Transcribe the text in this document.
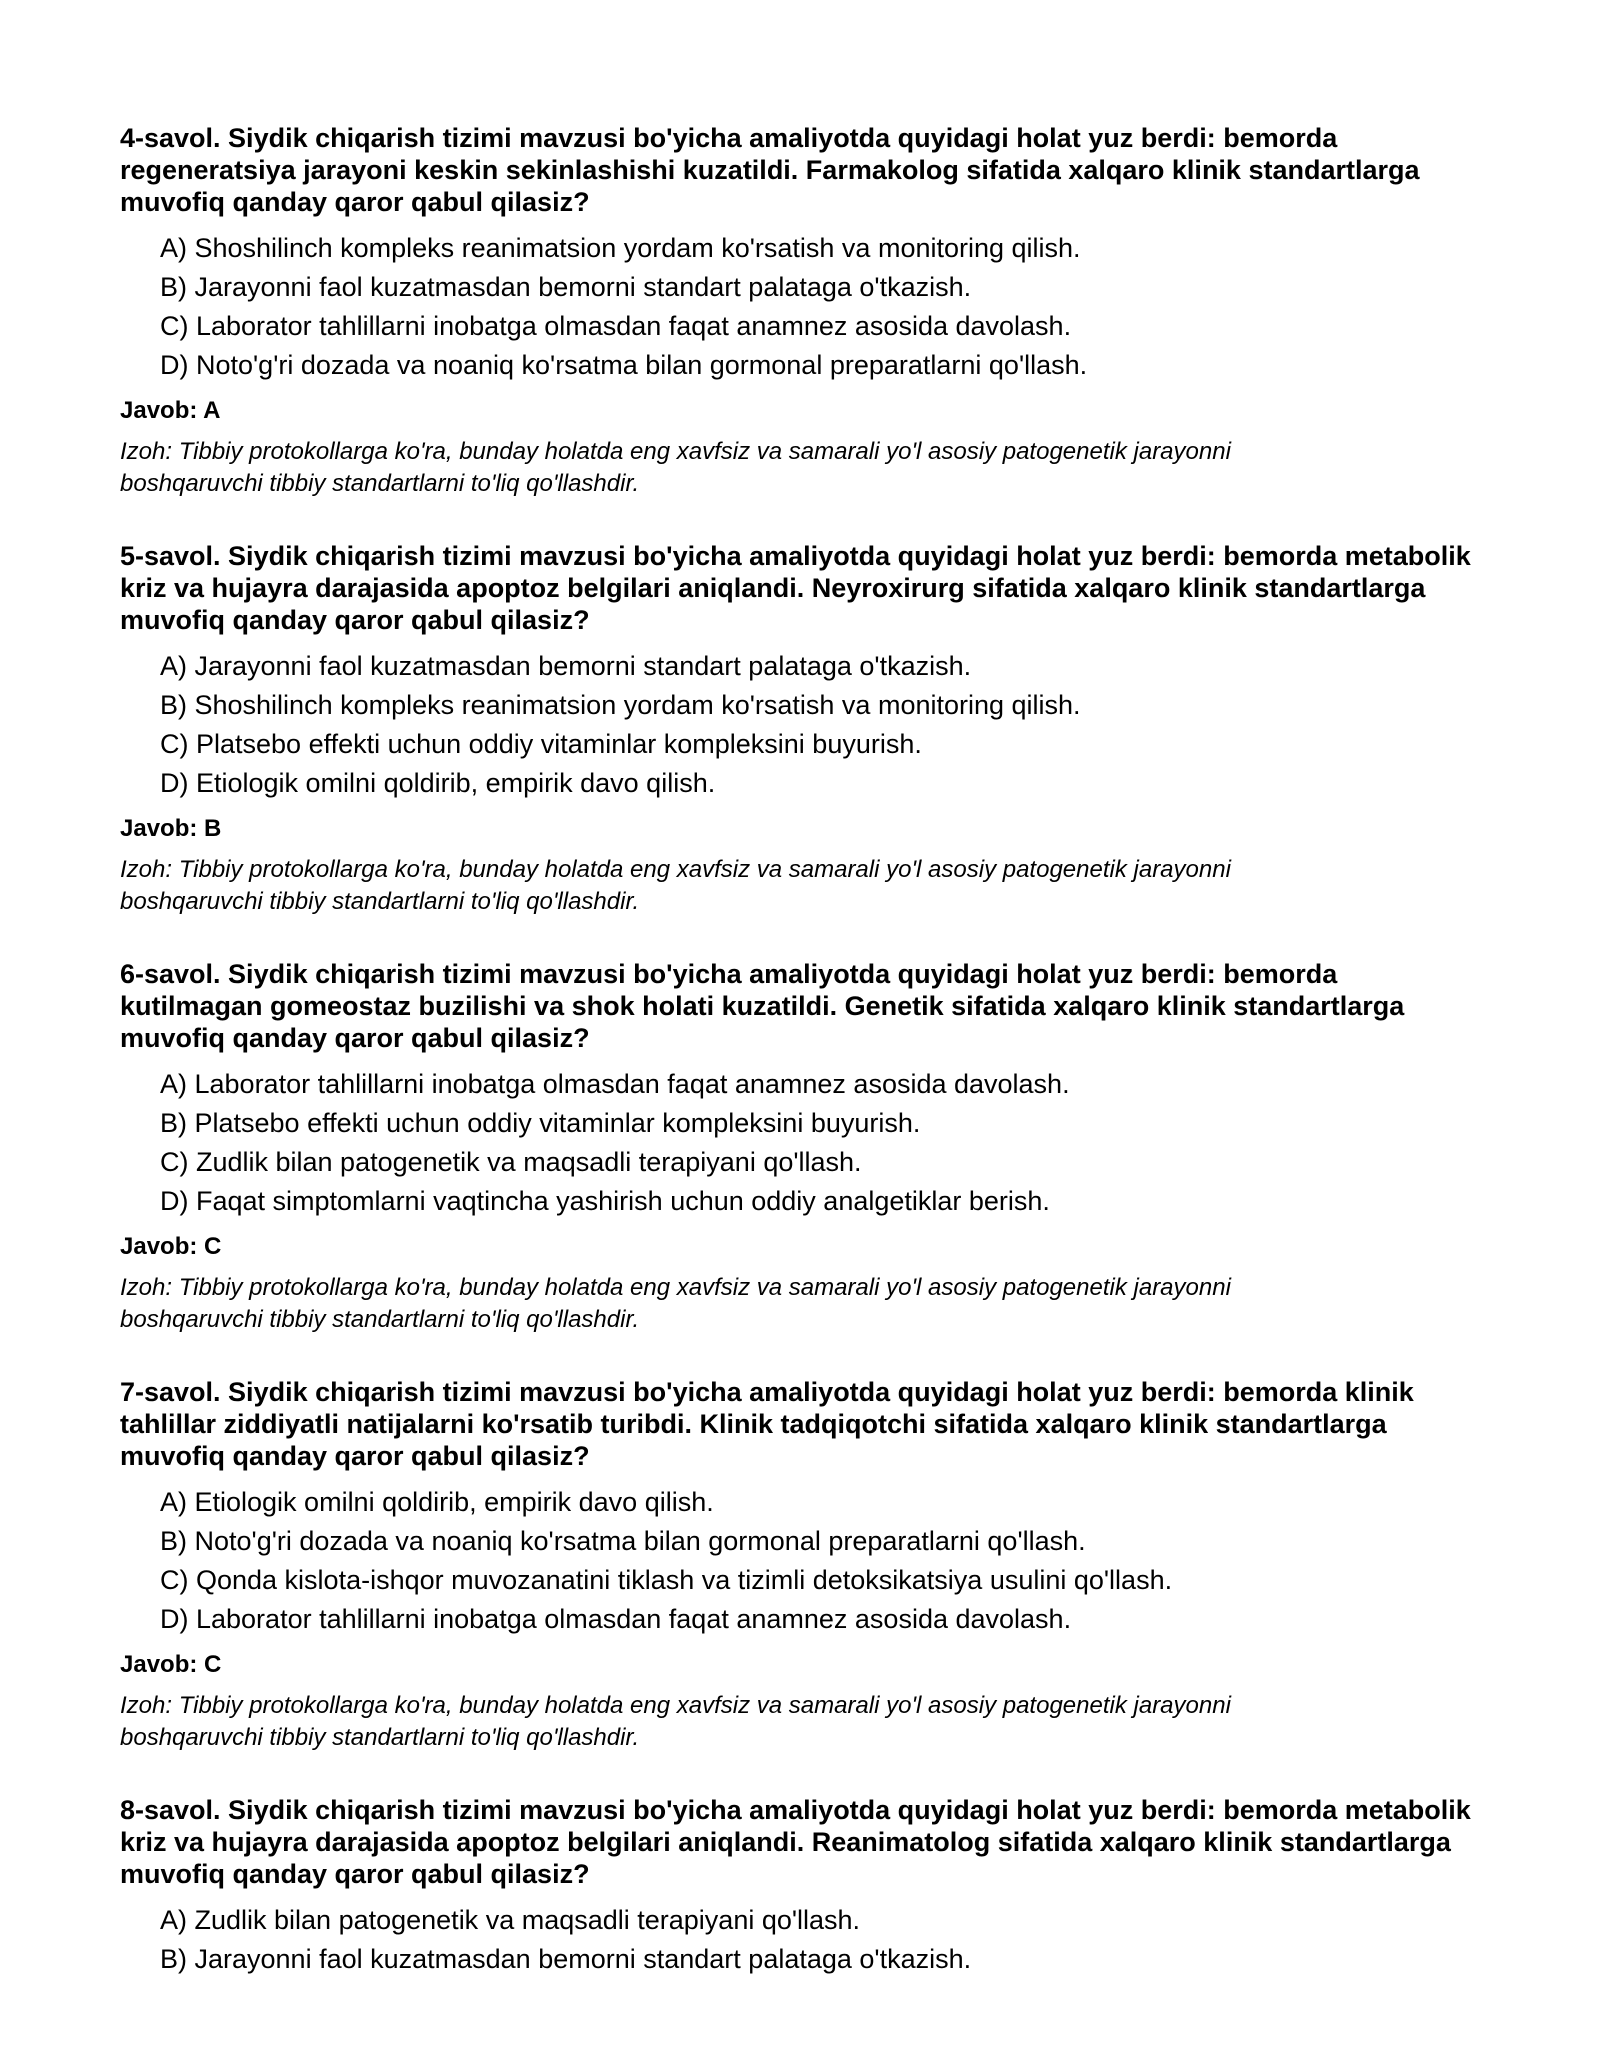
4-savol. Siydik chiqarish tizimi mavzusi bo'yicha amaliyotda quyidagi holat yuz berdi: bemorda regeneratsiya jarayoni keskin sekinlashishi kuzatildi. Farmakolog sifatida xalqaro klinik standartlarga muvofiq qanday qaror qabul qilasiz?

A) Shoshilinch kompleks reanimatsion yordam ko'rsatish va monitoring qilish.
B) Jarayonni faol kuzatmasdan bemorni standart palataga o'tkazish.
C) Laborator tahlillarni inobatga olmasdan faqat anamnez asosida davolash.
D) Noto'g'ri dozada va noaniq ko'rsatma bilan gormonal preparatlarni qo'llash.

Javob: A

Izoh: Tibbiy protokollarga ko'ra, bunday holatda eng xavfsiz va samarali yo'l asosiy patogenetik jarayonni boshqaruvchi tibbiy standartlarni to'liq qo'llashdir.

5-savol. Siydik chiqarish tizimi mavzusi bo'yicha amaliyotda quyidagi holat yuz berdi: bemorda metabolik kriz va hujayra darajasida apoptoz belgilari aniqlandi. Neyroxirurg sifatida xalqaro klinik standartlarga muvofiq qanday qaror qabul qilasiz?

A) Jarayonni faol kuzatmasdan bemorni standart palataga o'tkazish.
B) Shoshilinch kompleks reanimatsion yordam ko'rsatish va monitoring qilish.
C) Platsebo effekti uchun oddiy vitaminlar kompleksini buyurish.
D) Etiologik omilni qoldirib, empirik davo qilish.

Javob: B

Izoh: Tibbiy protokollarga ko'ra, bunday holatda eng xavfsiz va samarali yo'l asosiy patogenetik jarayonni boshqaruvchi tibbiy standartlarni to'liq qo'llashdir.

6-savol. Siydik chiqarish tizimi mavzusi bo'yicha amaliyotda quyidagi holat yuz berdi: bemorda kutilmagan gomeostaz buzilishi va shok holati kuzatildi. Genetik sifatida xalqaro klinik standartlarga muvofiq qanday qaror qabul qilasiz?

A) Laborator tahlillarni inobatga olmasdan faqat anamnez asosida davolash.
B) Platsebo effekti uchun oddiy vitaminlar kompleksini buyurish.
C) Zudlik bilan patogenetik va maqsadli terapiyani qo'llash.
D) Faqat simptomlarni vaqtincha yashirish uchun oddiy analgetiklar berish.

Javob: C

Izoh: Tibbiy protokollarga ko'ra, bunday holatda eng xavfsiz va samarali yo'l asosiy patogenetik jarayonni boshqaruvchi tibbiy standartlarni to'liq qo'llashdir.

7-savol. Siydik chiqarish tizimi mavzusi bo'yicha amaliyotda quyidagi holat yuz berdi: bemorda klinik tahlillar ziddiyatli natijalarni ko'rsatib turibdi. Klinik tadqiqotchi sifatida xalqaro klinik standartlarga muvofiq qanday qaror qabul qilasiz?

A) Etiologik omilni qoldirib, empirik davo qilish.
B) Noto'g'ri dozada va noaniq ko'rsatma bilan gormonal preparatlarni qo'llash.
C) Qonda kislota-ishqor muvozanatini tiklash va tizimli detoksikatsiya usulini qo'llash.
D) Laborator tahlillarni inobatga olmasdan faqat anamnez asosida davolash.

Javob: C

Izoh: Tibbiy protokollarga ko'ra, bunday holatda eng xavfsiz va samarali yo'l asosiy patogenetik jarayonni boshqaruvchi tibbiy standartlarni to'liq qo'llashdir.

8-savol. Siydik chiqarish tizimi mavzusi bo'yicha amaliyotda quyidagi holat yuz berdi: bemorda metabolik kriz va hujayra darajasida apoptoz belgilari aniqlandi. Reanimatolog sifatida xalqaro klinik standartlarga muvofiq qanday qaror qabul qilasiz?

A) Zudlik bilan patogenetik va maqsadli terapiyani qo'llash.
B) Jarayonni faol kuzatmasdan bemorni standart palataga o'tkazish.
